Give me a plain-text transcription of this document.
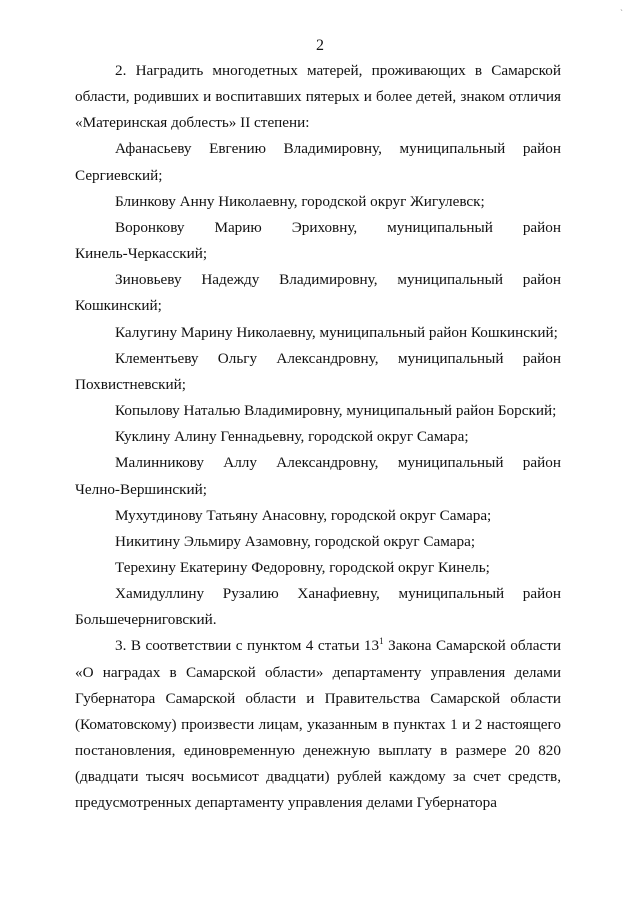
2

2. Наградить многодетных матерей, проживающих в Самарской области, родивших и воспитавших пятерых и более детей, знаком отличия «Материнская доблесть» II степени:

Афанасьеву Евгению Владимировну, муниципальный район

Сергиевский;

Блинкову Анну Николаевну, городской округ Жигулевск;

Воронкову Марию Эриховну, муниципальный район

Кинель-Черкасский;

Зиновьеву Надежду Владимировну, муниципальный район

Кошкинский;

Калугину Марину Николаевну, муниципальный район Кошкинский;

Клементьеву Ольгу Александровну, муниципальный район

Похвистневский;

Копылову Наталью Владимировну, муниципальный район Борский;

Куклину Алину Геннадьевну, городской округ Самара;

Малинникову Аллу Александровну, муниципальный район

Челно-Вершинский;

Мухутдинову Татьяну Анасовну, городской округ Самара;

Никитину Эльмиру Азамовну, городской округ Самара;

Терехину Екатерину Федоровну, городской округ Кинель;

Хамидуллину Рузалию Ханафиевну, муниципальный район

Большечерниговский.

3. В соответствии с пунктом 4 статьи $13^1$ Закона Самарской области «О наградах в Самарской области» департаменту управления делами Губернатора Самарской области и Правительства Самарской области (Коматовскому) произвести лицам, указанным в пунктах 1 и 2 настоящего постановления, единовременную денежную выплату в размере 20 820 (двадцати тысяч восьмисот двадцати) рублей каждому за счет средств, предусмотренных департаменту управления делами Губернатора

`
